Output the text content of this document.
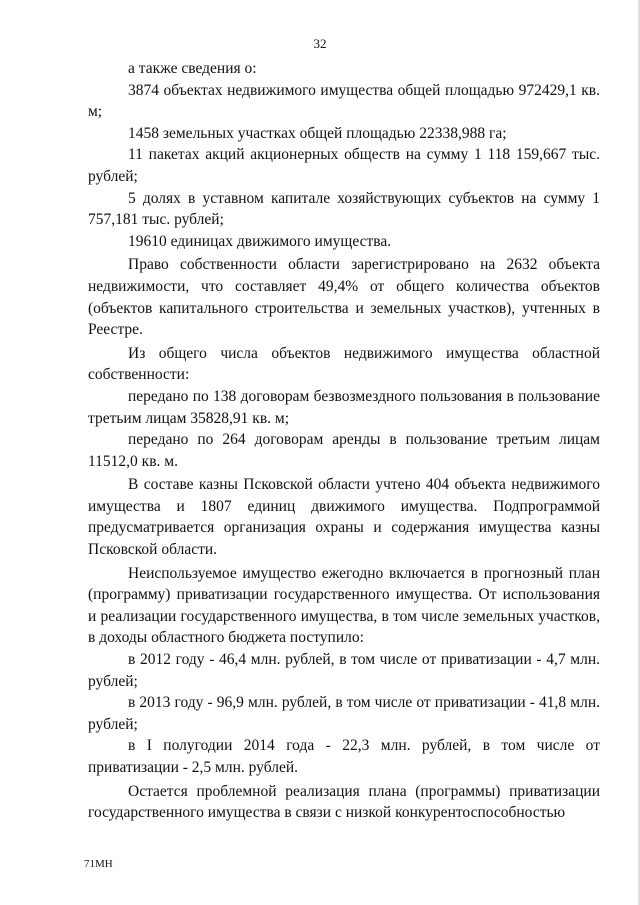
32

а также сведения о:

3874 объектах недвижимого имущества общей площадью 972429,1 кв. м;

1458 земельных участках общей площадью 22338,988 га;

11 пакетах акций акционерных обществ на сумму 1 118 159,667 тыс. рублей;

5 долях в уставном капитале хозяйствующих субъектов на сумму 1 757,181 тыс. рублей;

19610 единицах движимого имущества.

Право собственности области зарегистрировано на 2632 объекта недвижимости, что составляет 49,4% от общего количества объектов (объектов капитального строительства и земельных участков), учтенных в Реестре.

Из общего числа объектов недвижимого имущества областной собственности:

передано по 138 договорам безвозмездного пользования в пользование третьим лицам 35828,91 кв. м;

передано по 264 договорам аренды в пользование третьим лицам 11512,0 кв. м.

В составе казны Псковской области учтено 404 объекта недвижимого имущества и 1807 единиц движимого имущества. Подпрограммой предусматривается организация охраны и содержания имущества казны Псковской области.

Неиспользуемое имущество ежегодно включается в прогнозный план (программу) приватизации государственного имущества. От использования и реализации государственного имущества, в том числе земельных участков, в доходы областного бюджета поступило:

в 2012 году - 46,4 млн. рублей, в том числе от приватизации - 4,7 млн. рублей;

в 2013 году - 96,9 млн. рублей, в том числе от приватизации - 41,8 млн. рублей;

в I полугодии 2014 года - 22,3 млн. рублей, в том числе от приватизации - 2,5 млн. рублей.

Остается проблемной реализация плана (программы) приватизации государственного имущества в связи с низкой конкурентоспособностью

71МН
